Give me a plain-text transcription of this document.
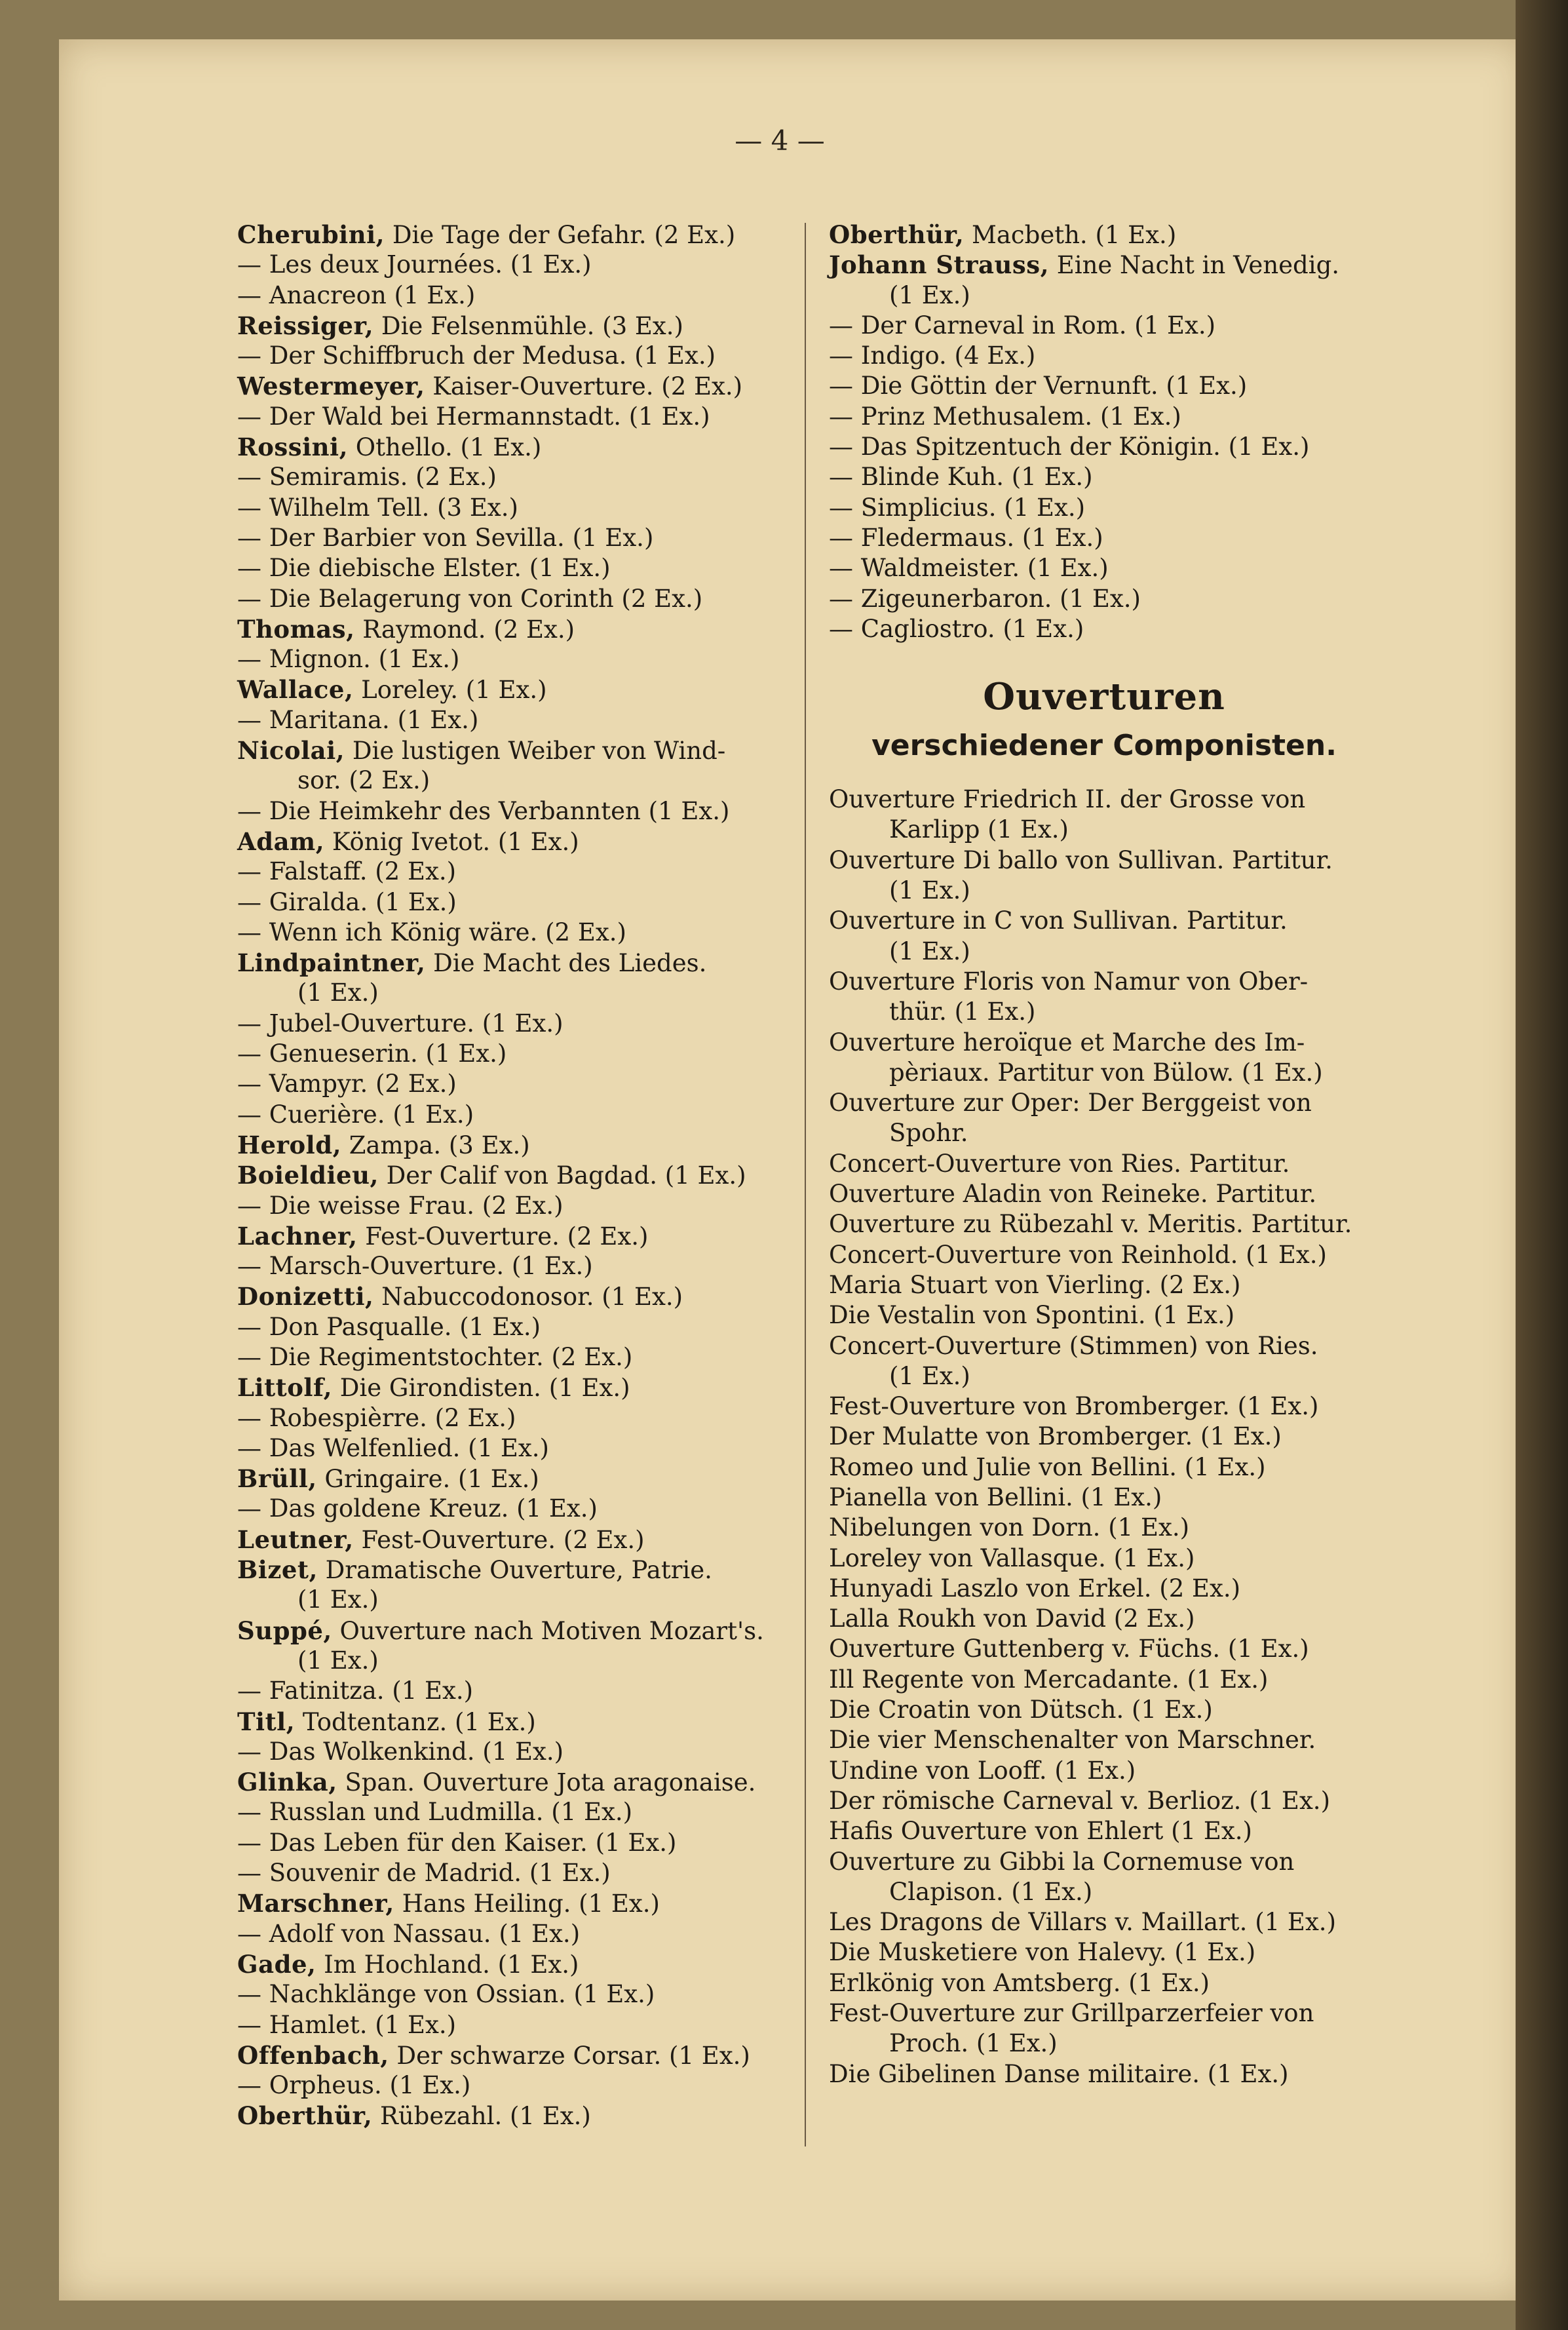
— 4 —
Cherubini, Die Tage der Gefahr. (2 Ex.)
— Les deux Journées. (1 Ex.)
— Anacreon (1 Ex.)
Reissiger, Die Felsenmühle. (3 Ex.)
— Der Schiffbruch der Medusa. (1 Ex.)
Westermeyer, Kaiser-Ouverture. (2 Ex.)
— Der Wald bei Hermannstadt. (1 Ex.)
Rossini, Othello. (1 Ex.)
— Semiramis. (2 Ex.)
— Wilhelm Tell. (3 Ex.)
— Der Barbier von Sevilla. (1 Ex.)
— Die diebische Elster. (1 Ex.)
— Die Belagerung von Corinth (2 Ex.)
Thomas, Raymond. (2 Ex.)
— Mignon. (1 Ex.)
Wallace, Loreley. (1 Ex.)
— Maritana. (1 Ex.)
Nicolai, Die lustigen Weiber von Wind-
sor. (2 Ex.)
— Die Heimkehr des Verbannten (1 Ex.)
Adam, König Ivetot. (1 Ex.)
— Falstaff. (2 Ex.)
— Giralda. (1 Ex.)
— Wenn ich König wäre. (2 Ex.)
Lindpaintner, Die Macht des Liedes.
(1 Ex.)
— Jubel-Ouverture. (1 Ex.)
— Genueserin. (1 Ex.)
— Vampyr. (2 Ex.)
— Cuerière. (1 Ex.)
Herold, Zampa. (3 Ex.)
Boieldieu, Der Calif von Bagdad. (1 Ex.)
— Die weisse Frau. (2 Ex.)
Lachner, Fest-Ouverture. (2 Ex.)
— Marsch-Ouverture. (1 Ex.)
Donizetti, Nabuccodonosor. (1 Ex.)
— Don Pasqualle. (1 Ex.)
— Die Regimentstochter. (2 Ex.)
Littolf, Die Girondisten. (1 Ex.)
— Robespièrre. (2 Ex.)
— Das Welfenlied. (1 Ex.)
Brüll, Gringaire. (1 Ex.)
— Das goldene Kreuz. (1 Ex.)
Leutner, Fest-Ouverture. (2 Ex.)
Bizet, Dramatische Ouverture, Patrie.
(1 Ex.)
Suppé, Ouverture nach Motiven Mozart's.
(1 Ex.)
— Fatinitza. (1 Ex.)
Titl, Todtentanz. (1 Ex.)
— Das Wolkenkind. (1 Ex.)
Glinka, Span. Ouverture Jota aragonaise.
— Russlan und Ludmilla. (1 Ex.)
— Das Leben für den Kaiser. (1 Ex.)
— Souvenir de Madrid. (1 Ex.)
Marschner, Hans Heiling. (1 Ex.)
— Adolf von Nassau. (1 Ex.)
Gade, Im Hochland. (1 Ex.)
— Nachklänge von Ossian. (1 Ex.)
— Hamlet. (1 Ex.)
Offenbach, Der schwarze Corsar. (1 Ex.)
— Orpheus. (1 Ex.)
Oberthür, Rübezahl. (1 Ex.)
Oberthür, Macbeth. (1 Ex.)
Johann Strauss, Eine Nacht in Venedig.
(1 Ex.)
— Der Carneval in Rom. (1 Ex.)
— Indigo. (4 Ex.)
— Die Göttin der Vernunft. (1 Ex.)
— Prinz Methusalem. (1 Ex.)
— Das Spitzentuch der Königin. (1 Ex.)
— Blinde Kuh. (1 Ex.)
— Simplicius. (1 Ex.)
— Fledermaus. (1 Ex.)
— Waldmeister. (1 Ex.)
— Zigeunerbaron. (1 Ex.)
— Cagliostro. (1 Ex.)
Ouverturen
verschiedener Componisten.
Ouverture Friedrich II. der Grosse von
Karlipp (1 Ex.)
Ouverture Di ballo von Sullivan. Partitur.
(1 Ex.)
Ouverture in C von Sullivan. Partitur.
(1 Ex.)
Ouverture Floris von Namur von Ober-
thür. (1 Ex.)
Ouverture heroïque et Marche des Im-
pèriaux. Partitur von Bülow. (1 Ex.)
Ouverture zur Oper: Der Berggeist von
Spohr.
Concert-Ouverture von Ries. Partitur.
Ouverture Aladin von Reineke. Partitur.
Ouverture zu Rübezahl v. Meritis. Partitur.
Concert-Ouverture von Reinhold. (1 Ex.)
Maria Stuart von Vierling. (2 Ex.)
Die Vestalin von Spontini. (1 Ex.)
Concert-Ouverture (Stimmen) von Ries.
(1 Ex.)
Fest-Ouverture von Bromberger. (1 Ex.)
Der Mulatte von Bromberger. (1 Ex.)
Romeo und Julie von Bellini. (1 Ex.)
Pianella von Bellini. (1 Ex.)
Nibelungen von Dorn. (1 Ex.)
Loreley von Vallasque. (1 Ex.)
Hunyadi Laszlo von Erkel. (2 Ex.)
Lalla Roukh von David (2 Ex.)
Ouverture Guttenberg v. Füchs. (1 Ex.)
Ill Regente von Mercadante. (1 Ex.)
Die Croatin von Dütsch. (1 Ex.)
Die vier Menschenalter von Marschner.
Undine von Looff. (1 Ex.)
Der römische Carneval v. Berlioz. (1 Ex.)
Hafis Ouverture von Ehlert (1 Ex.)
Ouverture zu Gibbi la Cornemuse von
Clapison. (1 Ex.)
Les Dragons de Villars v. Maillart. (1 Ex.)
Die Musketiere von Halevy. (1 Ex.)
Erlkönig von Amtsberg. (1 Ex.)
Fest-Ouverture zur Grillparzerfeier von
Proch. (1 Ex.)
Die Gibelinen Danse militaire. (1 Ex.)
